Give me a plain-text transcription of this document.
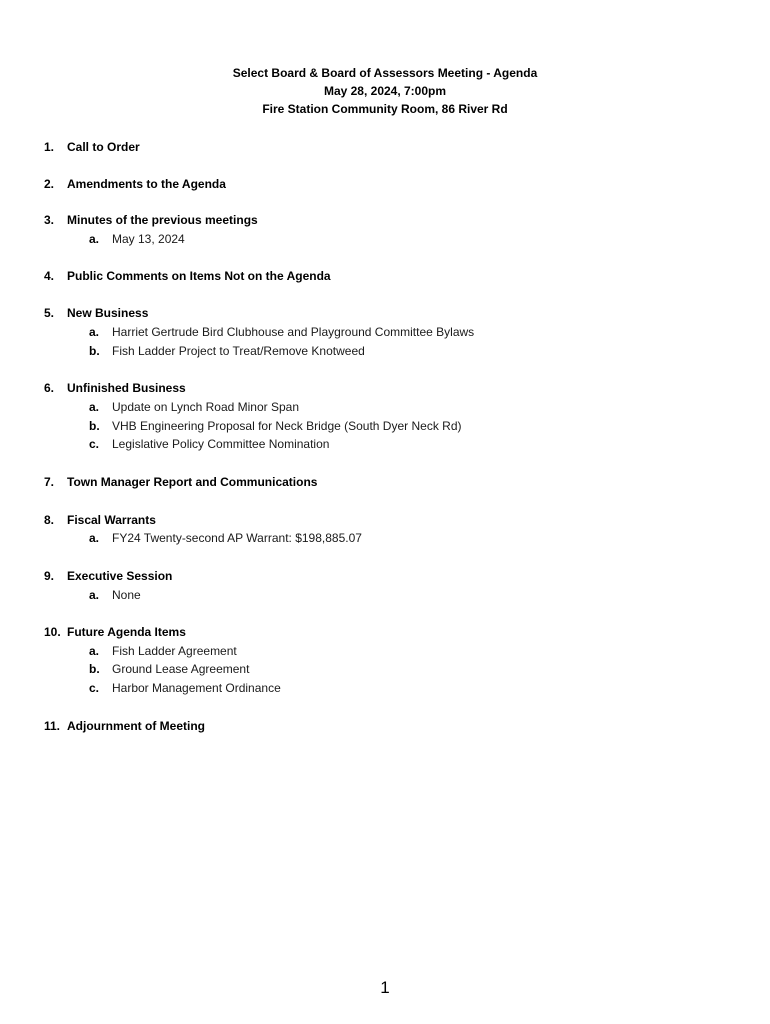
Select Board & Board of Assessors Meeting - Agenda
May 28, 2024, 7:00pm
Fire Station Community Room, 86 River Rd
1. Call to Order
2. Amendments to the Agenda
3. Minutes of the previous meetings
a. May 13, 2024
4. Public Comments on Items Not on the Agenda
5. New Business
a. Harriet Gertrude Bird Clubhouse and Playground Committee Bylaws
b. Fish Ladder Project to Treat/Remove Knotweed
6. Unfinished Business
a. Update on Lynch Road Minor Span
b. VHB Engineering Proposal for Neck Bridge (South Dyer Neck Rd)
c. Legislative Policy Committee Nomination
7. Town Manager Report and Communications
8. Fiscal Warrants
a. FY24 Twenty-second AP Warrant: $198,885.07
9. Executive Session
a. None
10. Future Agenda Items
a. Fish Ladder Agreement
b. Ground Lease Agreement
c. Harbor Management Ordinance
11. Adjournment of Meeting
1
